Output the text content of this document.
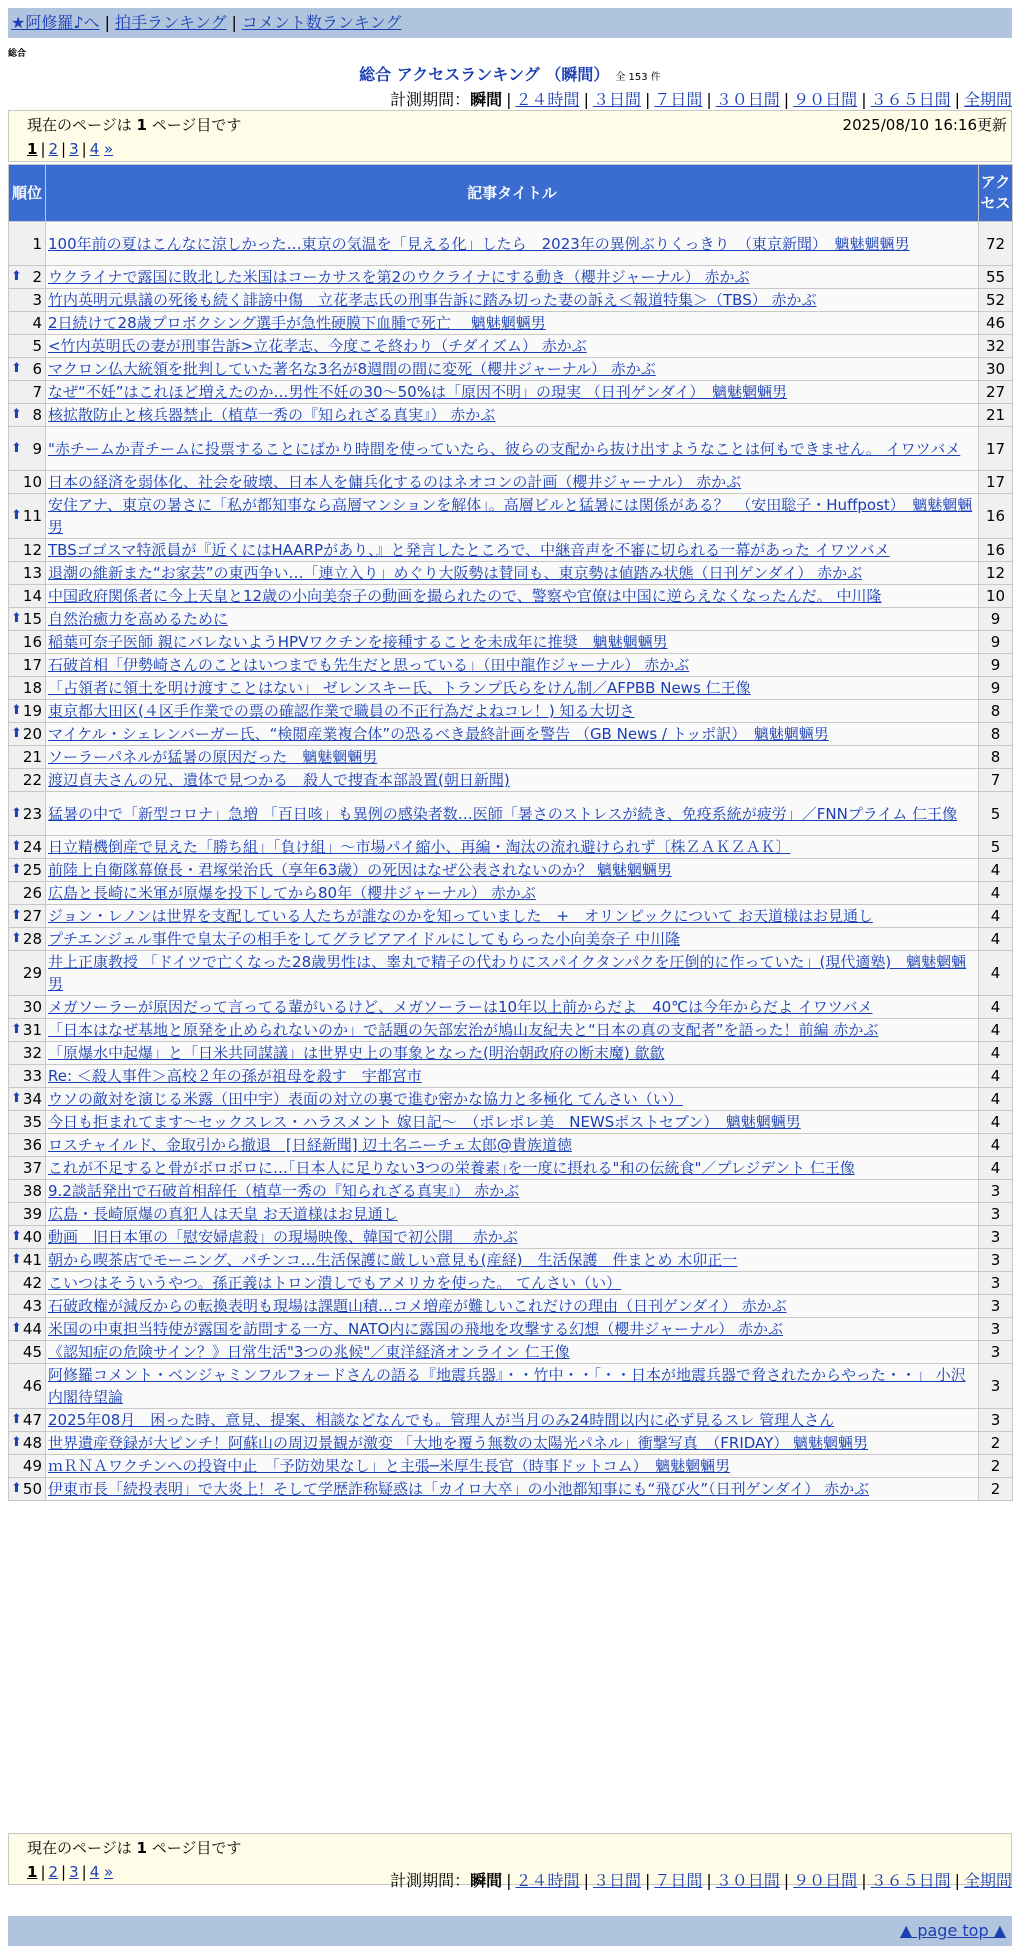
★阿修羅♪へ | 拍手ランキング | コメント数ランキング
総合
総合 アクセスランキング （瞬間） 全 153 件
計測期間：瞬間 | ２４時間 | ３日間 | ７日間 | ３０日間 | ９０日間 | ３６５日間 | 全期間
現在のページは 1 ページ目です	2025/08/10 16:16更新
1 | 2 | 3 | 4 »
順位	記事タイトル	アクセス
1	100年前の夏はこんなに涼しかった…東京の気温を「見える化」したら　2023年の異例ぶりくっきり　（東京新聞）　魑魅魍魎男	72

⬆ 2	ウクライナで露国に敗北した米国はコーカサスを第2のウクライナにする動き（櫻井ジャーナル） 赤かぶ	55
3	竹内英明元県議の死後も続く誹謗中傷　立花孝志氏の刑事告訴に踏み切った妻の訴え＜報道特集＞（TBS） 赤かぶ	52
4	2日続けて28歳プロボクシング選手が急性硬膜下血腫で死亡　 魑魅魍魎男	46
5	<竹内英明氏の妻が刑事告訴>立花孝志、今度こそ終わり（チダイズム） 赤かぶ	32

⬆ 6	マクロン仏大統領を批判していた著名な3名が8週間の間に変死（櫻井ジャーナル） 赤かぶ	30
7	なぜ“不妊”はこれほど増えたのか…男性不妊の30～50%は「原因不明」の現実 （日刊ゲンダイ）　魑魅魍魎男	27

⬆ 8	核拡散防止と核兵器禁止（植草一秀の『知られざる真実』） 赤かぶ	21

⬆ 9	"赤チームか青チームに投票することにばかり時間を使っていたら、彼らの支配から抜け出すようなことは何もできません。 イワツバメ	17
10	日本の経済を弱体化、社会を破壊、日本人を傭兵化するのはネオコンの計画（櫻井ジャーナル） 赤かぶ	17

⬆ 11	安住アナ、東京の暑さに「私が都知事なら高層マンションを解体」。高層ビルと猛暑には関係がある？　（安田聡子・Huffpost）　魑魅魍魎男	16
12	TBSゴゴスマ特派員が『近くにはHAARPがあり、』と発言したところで、中継音声を不審に切られる一幕があった イワツバメ	16
13	退潮の維新また“お家芸”の東西争い…「連立入り」めぐり大阪勢は賛同も、東京勢は値踏み状態（日刊ゲンダイ） 赤かぶ	12
14	中国政府関係者に今上天皇と12歳の小向美奈子の動画を撮られたので、警察や官僚は中国に逆らえなくなったんだ。 中川隆	10

⬆ 15	自然治癒力を高めるために	9
16	稲葉可奈子医師 親にバレないようHPVワクチンを接種することを未成年に推奨　魑魅魍魎男	9
17	石破首相「伊勢崎さんのことはいつまでも先生だと思っている」（田中龍作ジャーナル） 赤かぶ	9
18	「占領者に領土を明け渡すことはない」 ゼレンスキー氏、トランプ氏らをけん制／AFPBB News 仁王像	9

⬆ 19	東京都大田区(４区手作業での票の確認作業で職員の不正行為だよねコレ！) 知る大切さ	8

⬆ 20	マイケル・シェレンバーガー氏、“検閲産業複合体”の恐るべき最終計画を警告 （GB News / トッポ訳）　魑魅魍魎男	8
21	ソーラーパネルが猛暑の原因だった　魑魅魍魎男	8
22	渡辺貞夫さんの兄、遺体で見つかる　殺人で捜査本部設置(朝日新聞)	7

⬆ 23	猛暑の中で「新型コロナ」急増 「百日咳」も異例の感染者数…医師「暑さのストレスが続き、免疫系統が疲労」／FNNプライム 仁王像	5

⬆ 24	日立精機倒産で見えた「勝ち組」「負け組」～市場パイ縮小、再編・淘汰の流れ避けられず〔株ＺＡＫＺＡＫ〕	5

⬆ 25	前陸上自衛隊幕僚長・君塚栄治氏（享年63歳）の死因はなぜ公表されないのか？ 魑魅魍魎男	4
26	広島と長崎に米軍が原爆を投下してから80年（櫻井ジャーナル） 赤かぶ	4

⬆ 27	ジョン・レノンは世界を支配している人たちが誰なのかを知っていました　+　オリンピックについて お天道様はお見通し	4

⬆ 28	プチエンジェル事件で皇太子の相手をしてグラビアアイドルにしてもらった小向美奈子 中川隆	4
29	井上正康教授 「ドイツで亡くなった28歳男性は、睾丸で精子の代わりにスパイクタンパクを圧倒的に作っていた」(現代適塾)　魑魅魍魎男	4
30	メガソーラーが原因だって言ってる輩がいるけど、メガソーラーは10年以上前からだよ　40℃は今年からだよ イワツバメ	4

⬆ 31	「日本はなぜ基地と原発を止められないのか」で話題の矢部宏治が鳩山友紀夫と“日本の真の支配者”を語った！前編 赤かぶ	4
32	「原爆水中起爆」と「日米共同謀議」は世界史上の事象となった(明治朝政府の断末魔) 歙歙	4
33	Re: ＜殺人事件＞高校２年の孫が祖母を殺す　宇都宮市	4

⬆ 34	ウソの敵対を演じる米露（田中宇）表面の対立の裏で進む密かな協力と多極化 てんさい（い）	4
35	今日も拒まれてます～セックスレス・ハラスメント 嫁日記～　（ポレポレ美　NEWSポストセブン）　魑魅魍魎男	4
36	ロスチャイルド、金取引から撤退　[日経新聞] 辺土名ニーチェ太郎@貴族道徳	4
37	これが不足すると骨がボロボロに…｢日本人に足りない3つの栄養素｣を一度に摂れる"和の伝統食"／プレジデント 仁王像	4
38	9.2談話発出で石破首相辞任（植草一秀の『知られざる真実』） 赤かぶ	3
39	広島・長崎原爆の真犯人は天皇 お天道様はお見通し	3

⬆ 40	動画　旧日本軍の「慰安婦虐殺」の現場映像、韓国で初公開　 赤かぶ	3

⬆ 41	朝から喫茶店でモーニング、パチンコ…生活保護に厳しい意見も(産経)　生活保護　件まとめ 木卯正一	3
42	こいつはそういうやつ。孫正義はトロン潰しでもアメリカを使った。 てんさい（い）	3
43	石破政権が減反からの転換表明も現場は課題山積…コメ増産が難しいこれだけの理由（日刊ゲンダイ） 赤かぶ	3

⬆ 44	米国の中東担当特使が露国を訪問する一方、NATO内に露国の飛地を攻撃する幻想（櫻井ジャーナル） 赤かぶ	3
45	《認知症の危険サイン？》日常生活"3つの兆候"／東洋経済オンライン 仁王像	3
46	阿修羅コメント・ベンジャミンフルフォードさんの語る『地震兵器』・・竹中・・「・・日本が地震兵器で脅されたからやった・・」 小沢内閣待望論	3

⬆ 47	2025年08月　困った時、意見、提案、相談などなんでも。管理人が当月のみ24時間以内に必ず見るスレ 管理人さん	3

⬆ 48	世界遺産登録が大ピンチ！阿蘇山の周辺景観が激変 「大地を覆う無数の太陽光パネル」衝撃写真　（FRIDAY） 魑魅魍魎男	2
49	ｍＲＮＡワクチンへの投資中止　「予防効果なし」と主張─米厚生長官（時事ドットコム）　魑魅魍魎男	2

⬆ 50	伊東市長「続投表明」で大炎上！そして学歴詐称疑惑は「カイロ大卒」の小池都知事にも“飛び火”（日刊ゲンダイ） 赤かぶ	2
現在のページは 1 ページ目です
1 | 2 | 3 | 4 »	計測期間：瞬間 | ２４時間 | ３日間 | ７日間 | ３０日間 | ９０日間 | ３６５日間 | 全期間
▲ page top ▲
